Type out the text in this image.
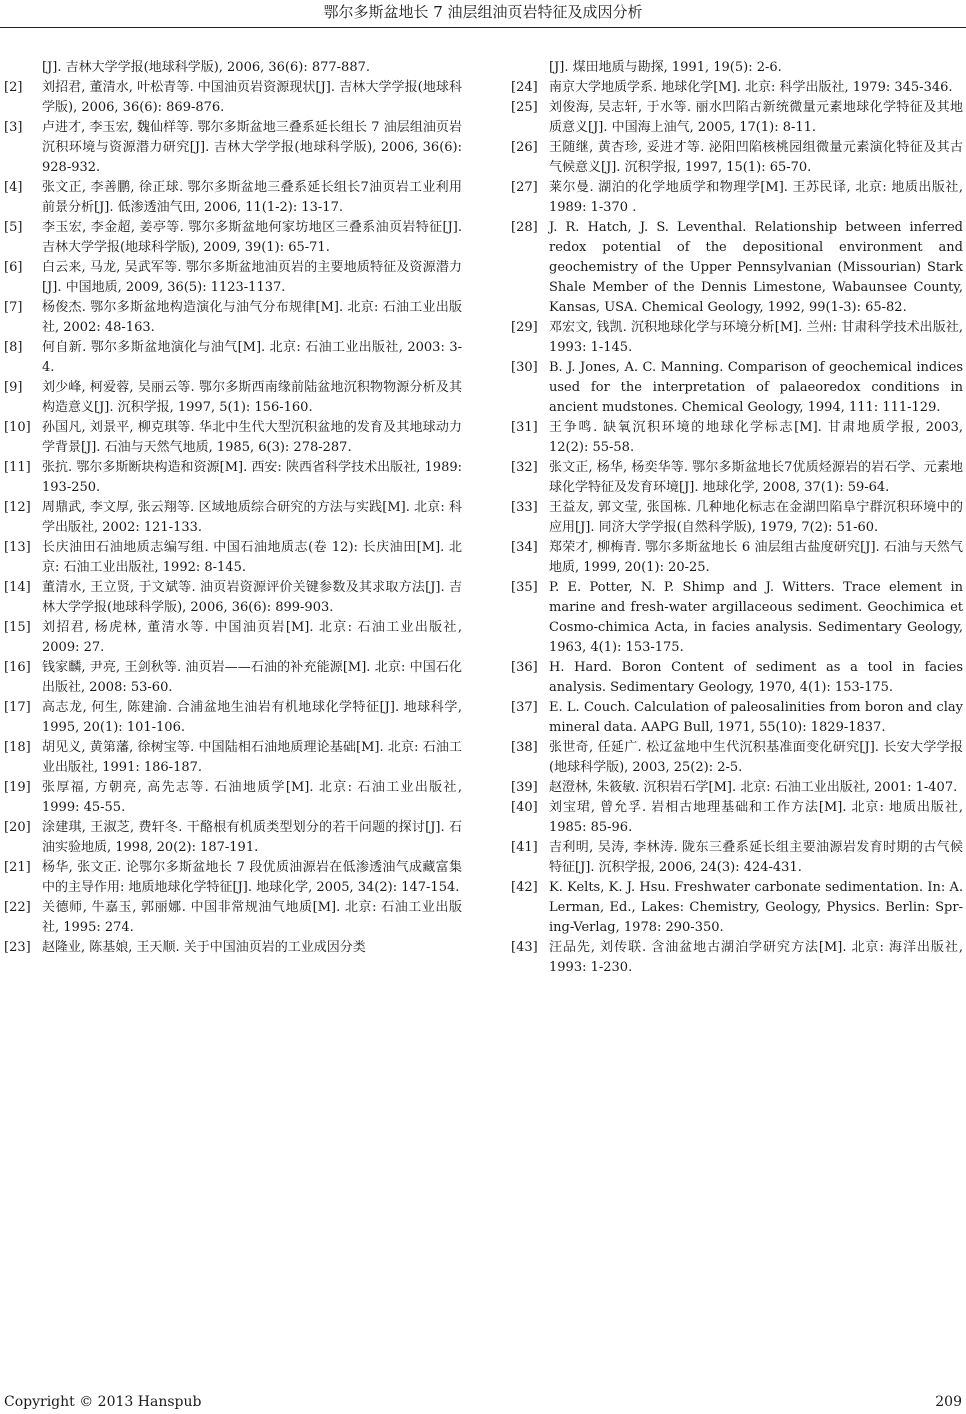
鄂尔多斯盆地长 7 油层组油页岩特征及成因分析
[J]. 吉林大学学报(地球科学版), 2006, 36(6): 877-887.
[2]	刘招君, 董清水, 叶松青等. 中国油页岩资源现状[J]. 吉林大学学报(地球科学版), 2006, 36(6): 869-876.
[3]	卢进才, 李玉宏, 魏仙样等. 鄂尔多斯盆地三叠系延长组长 7 油层组油页岩沉积环境与资源潜力研究[J]. 吉林大学学报(地球科学版), 2006, 36(6): 928-932.
[4]	张文正, 李善鹏, 徐正球. 鄂尔多斯盆地三叠系延长组长7油页岩工业利用前景分析[J]. 低渗透油气田, 2006, 11(1-2): 13-17.
[5]	李玉宏, 李金超, 姜亭等. 鄂尔多斯盆地何家坊地区三叠系油页岩特征[J]. 吉林大学学报(地球科学版), 2009, 39(1): 65-71.
[6]	白云来, 马龙, 吴武军等. 鄂尔多斯盆地油页岩的主要地质特征及资源潜力[J]. 中国地质, 2009, 36(5): 1123-1137.
[7]	杨俊杰. 鄂尔多斯盆地构造演化与油气分布规律[M]. 北京: 石油工业出版社, 2002: 48-163.
[8]	何自新. 鄂尔多斯盆地演化与油气[M]. 北京: 石油工业出版社, 2003: 3-4.
[9]	刘少峰, 柯爱蓉, 吴丽云等. 鄂尔多斯西南缘前陆盆地沉积物物源分析及其构造意义[J]. 沉积学报, 1997, 5(1): 156-160.
[10] 孙国凡, 刘景平, 柳克琪等. 华北中生代大型沉积盆地的发育及其地球动力学背景[J]. 石油与天然气地质, 1985, 6(3): 278-287.
[11] 张抗. 鄂尔多斯断块构造和资源[M]. 西安: 陕西省科学技术出版社, 1989: 193-250.
[12] 周鼎武, 李文厚, 张云翔等. 区域地质综合研究的方法与实践[M]. 北京: 科学出版社, 2002: 121-133.
[13] 长庆油田石油地质志编写组. 中国石油地质志(卷 12): 长庆油田[M]. 北京: 石油工业出版社, 1992: 8-145.
[14] 董清水, 王立贤, 于文斌等. 油页岩资源评价关键参数及其求取方法[J]. 吉林大学学报(地球科学版), 2006, 36(6): 899-903.
[15] 刘招君, 杨虎林, 董清水等. 中国油页岩[M]. 北京: 石油工业出版社, 2009: 27.
[16] 钱家麟, 尹亮, 王剑秋等. 油页岩——石油的补充能源[M]. 北京: 中国石化出版社, 2008: 53-60.
[17] 高志龙, 何生, 陈建渝. 合浦盆地生油岩有机地球化学特征[J]. 地球科学, 1995, 20(1): 101-106.
[18] 胡见义, 黄第藩, 徐树宝等. 中国陆相石油地质理论基础[M]. 北京: 石油工业出版社, 1991: 186-187.
[19] 张厚福, 方朝亮, 高先志等. 石油地质学[M]. 北京: 石油工业出版社, 1999: 45-55.
[20] 涂建琪, 王淑芝, 费轩冬. 干酪根有机质类型划分的若干问题的探讨[J]. 石油实验地质, 1998, 20(2): 187-191.
[21] 杨华, 张文正. 论鄂尔多斯盆地长 7 段优质油源岩在低渗透油气成藏富集中的主导作用: 地质地球化学特征[J]. 地球化学, 2005, 34(2): 147-154.
[22] 关德师, 牛嘉玉, 郭丽娜. 中国非常规油气地质[M]. 北京: 石油工业出版社, 1995: 274.
[23] 赵隆业, 陈基娘, 王天顺. 关于中国油页岩的工业成因分类
[J]. 煤田地质与勘探, 1991, 19(5): 2-6.
[24] 南京大学地质学系. 地球化学[M]. 北京: 科学出版社, 1979: 345-346.
[25] 刘俊海, 吴志轩, 于水等. 丽水凹陷古新统微量元素地球化学特征及其地质意义[J]. 中国海上油气, 2005, 17(1): 8-11.
[26] 王随继, 黄杏珍, 妥进才等. 泌阳凹陷核桃园组微量元素演化特征及其古气候意义[J]. 沉积学报, 1997, 15(1): 65-70.
[27] 莱尔曼. 湖泊的化学地质学和物理学[M]. 王苏民译, 北京: 地质出版社, 1989: 1-370 .
[28] J. R. Hatch, J. S. Leventhal. Relationship between inferred redox potential of the depositional environment and geochemistry of the Upper Pennsylvanian (Missourian) Stark Shale Member of the Dennis Limestone, Wabaunsee County, Kansas, USA. Chemical Geology, 1992, 99(1-3): 65-82.
[29] 邓宏文, 钱凯. 沉积地球化学与环境分析[M]. 兰州: 甘肃科学技术出版社, 1993: 1-145.
[30] B. J. Jones, A. C. Manning. Comparison of geochemical indices used for the interpretation of palaeoredox conditions in ancient mudstones. Chemical Geology, 1994, 111: 111-129.
[31] 王争鸣. 缺氧沉积环境的地球化学标志[M]. 甘肃地质学报, 2003, 12(2): 55-58.
[32] 张文正, 杨华, 杨奕华等. 鄂尔多斯盆地长7优质烃源岩的岩石学、元素地球化学特征及发育环境[J]. 地球化学, 2008, 37(1): 59-64.
[33] 王益友, 郭文莹, 张国栋. 几种地化标志在金湖凹陷阜宁群沉积环境中的应用[J]. 同济大学学报(自然科学版), 1979, 7(2): 51-60.
[34] 郑荣才, 柳梅青. 鄂尔多斯盆地长 6 油层组古盐度研究[J]. 石油与天然气地质, 1999, 20(1): 20-25.
[35] P. E. Potter, N. P. Shimp and J. Witters. Trace element in marine and fresh-water argillaceous sediment. Geochimica et Cosmo-chimica Acta, in facies analysis. Sedimentary Geology, 1963, 4(1): 153-175.
[36] H. Hard. Boron Content of sediment as a tool in facies analysis. Sedimentary Geology, 1970, 4(1): 153-175.
[37] E. L. Couch. Calculation of paleosalinities from boron and clay mineral data. AAPG Bull, 1971, 55(10): 1829-1837.
[38] 张世奇, 任延广. 松辽盆地中生代沉积基准面变化研究[J]. 长安大学学报(地球科学版), 2003, 25(2): 2-5.
[39] 赵澄林, 朱筱敏. 沉积岩石学[M]. 北京: 石油工业出版社, 2001: 1-407.
[40] 刘宝珺, 曾允孚. 岩相古地理基础和工作方法[M]. 北京: 地质出版社, 1985: 85-96.
[41] 吉利明, 吴涛, 李林涛. 陇东三叠系延长组主要油源岩发育时期的古气候特征[J]. 沉积学报, 2006, 24(3): 424-431.
[42] K. Kelts, K. J. Hsu. Freshwater carbonate sedimentation. In: A. Lerman, Ed., Lakes: Chemistry, Geology, Physics. Berlin: Spr-ing-Verlag, 1978: 290-350.
[43] 汪品先, 刘传联. 含油盆地古湖泊学研究方法[M]. 北京: 海洋出版社, 1993: 1-230.
Copyright © 2013 Hanspub	209
